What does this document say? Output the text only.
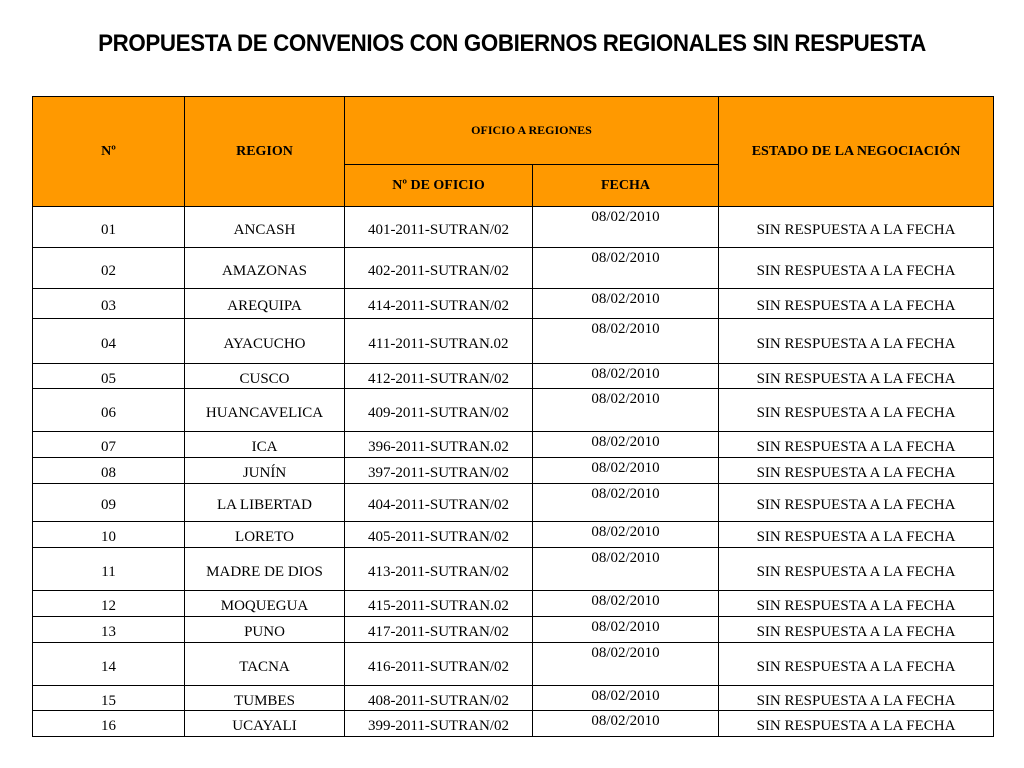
PROPUESTA DE CONVENIOS CON GOBIERNOS REGIONALES SIN RESPUESTA
Nº	REGION	OFICIO A REGIONES		ESTADO DE LA NEGOCIACIÓN
		Nº DE OFICIO	FECHA	
01	ANCASH	401-2011-SUTRAN/02	08/02/2010	SIN RESPUESTA A LA FECHA
02	AMAZONAS	402-2011-SUTRAN/02	08/02/2010	SIN RESPUESTA A LA FECHA
03	AREQUIPA	414-2011-SUTRAN/02	08/02/2010	SIN RESPUESTA A LA FECHA
04	AYACUCHO	411-2011-SUTRAN.02	08/02/2010	SIN RESPUESTA A LA FECHA
05	CUSCO	412-2011-SUTRAN/02	08/02/2010	SIN RESPUESTA A LA FECHA
06	HUANCAVELICA	409-2011-SUTRAN/02	08/02/2010	SIN RESPUESTA A LA FECHA
07	ICA	396-2011-SUTRAN.02	08/02/2010	SIN RESPUESTA A LA FECHA
08	JUNÍN	397-2011-SUTRAN/02	08/02/2010	SIN RESPUESTA A LA FECHA
09	LA LIBERTAD	404-2011-SUTRAN/02	08/02/2010	SIN RESPUESTA A LA FECHA
10	LORETO	405-2011-SUTRAN/02	08/02/2010	SIN RESPUESTA A LA FECHA
11	MADRE DE DIOS	413-2011-SUTRAN/02	08/02/2010	SIN RESPUESTA A LA FECHA
12	MOQUEGUA	415-2011-SUTRAN.02	08/02/2010	SIN RESPUESTA A LA FECHA
13	PUNO	417-2011-SUTRAN/02	08/02/2010	SIN RESPUESTA A LA FECHA
14	TACNA	416-2011-SUTRAN/02	08/02/2010	SIN RESPUESTA A LA FECHA
15	TUMBES	408-2011-SUTRAN/02	08/02/2010	SIN RESPUESTA A LA FECHA
16	UCAYALI	399-2011-SUTRAN/02	08/02/2010	SIN RESPUESTA A LA FECHA
